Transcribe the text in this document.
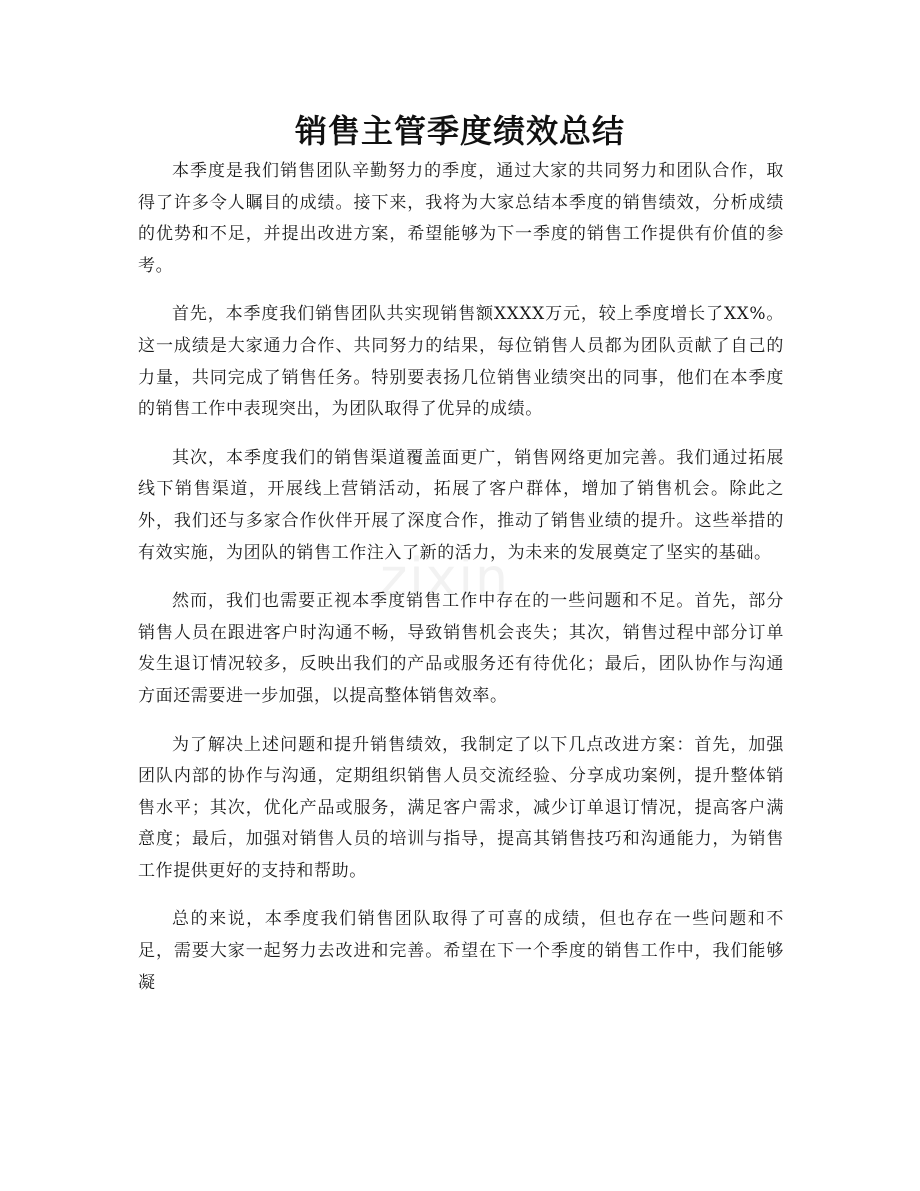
销售主管季度绩效总结
zixin

本季度是我们销售团队辛勤努力的季度，通过大家的共同努力和团队合作，取得了许多令人瞩目的成绩。接下来，我将为大家总结本季度的销售绩效，分析成绩的优势和不足，并提出改进方案，希望能够为下一季度的销售工作提供有价值的参考。

首先，本季度我们销售团队共实现销售额XXXX万元，较上季度增长了XX%。这一成绩是大家通力合作、共同努力的结果，每位销售人员都为团队贡献了自己的力量，共同完成了销售任务。特别要表扬几位销售业绩突出的同事，他们在本季度的销售工作中表现突出，为团队取得了优异的成绩。

其次，本季度我们的销售渠道覆盖面更广，销售网络更加完善。我们通过拓展线下销售渠道，开展线上营销活动，拓展了客户群体，增加了销售机会。除此之外，我们还与多家合作伙伴开展了深度合作，推动了销售业绩的提升。这些举措的有效实施，为团队的销售工作注入了新的活力，为未来的发展奠定了坚实的基础。

然而，我们也需要正视本季度销售工作中存在的一些问题和不足。首先，部分销售人员在跟进客户时沟通不畅，导致销售机会丧失；其次，销售过程中部分订单发生退订情况较多，反映出我们的产品或服务还有待优化；最后，团队协作与沟通方面还需要进一步加强，以提高整体销售效率。

为了解决上述问题和提升销售绩效，我制定了以下几点改进方案：首先，加强团队内部的协作与沟通，定期组织销售人员交流经验、分享成功案例，提升整体销售水平；其次，优化产品或服务，满足客户需求，减少订单退订情况，提高客户满意度；最后，加强对销售人员的培训与指导，提高其销售技巧和沟通能力，为销售工作提供更好的支持和帮助。

总的来说，本季度我们销售团队取得了可喜的成绩，但也存在一些问题和不足，需要大家一起努力去改进和完善。希望在下一个季度的销售工作中，我们能够凝
